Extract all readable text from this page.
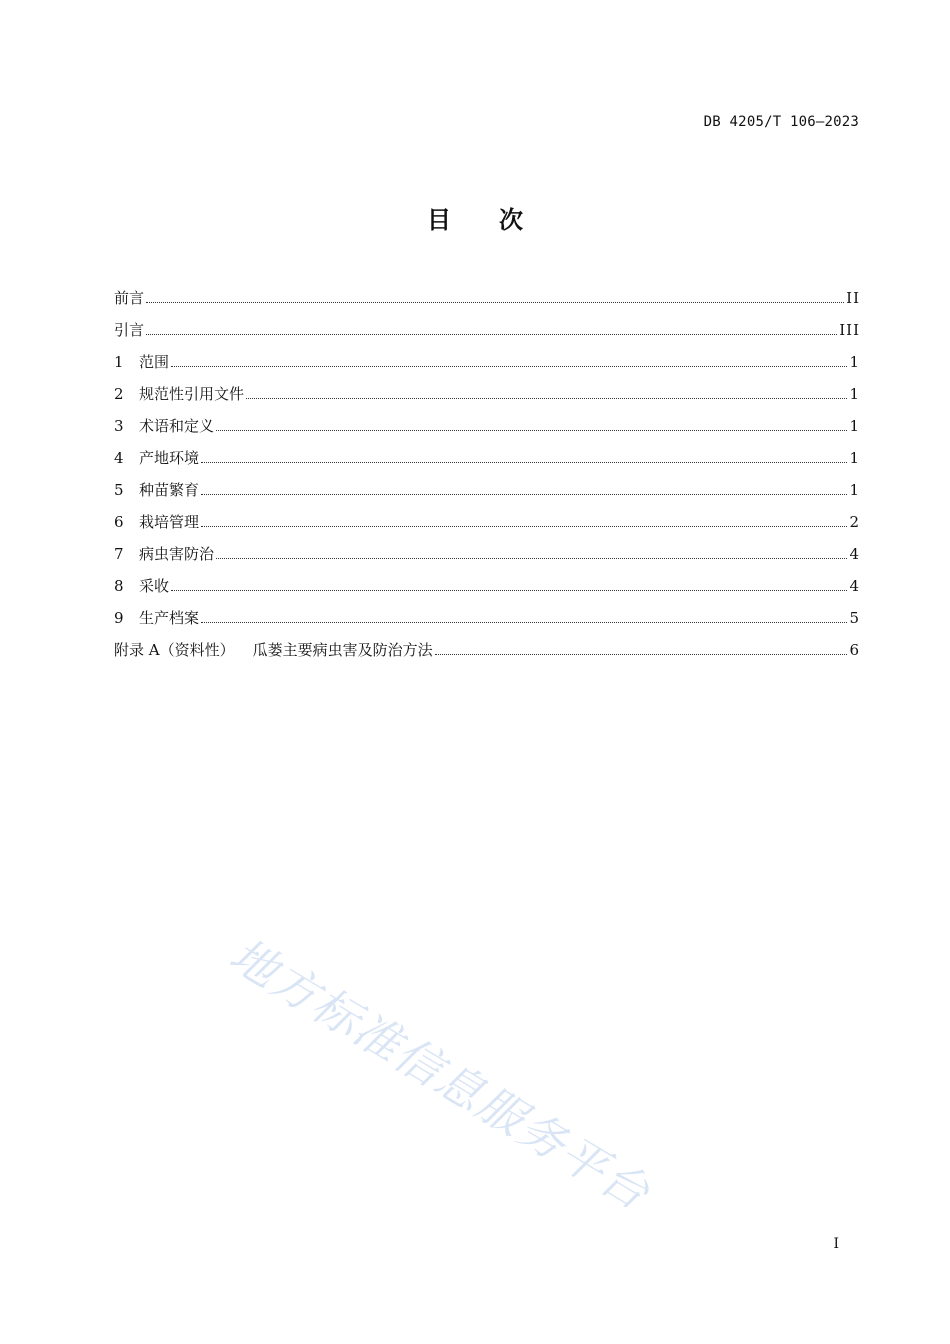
DB 4205/T 106—2023
目 次
前言	II
引言	III
1	范围	1
2	规范性引用文件	1
3	术语和定义	1
4	产地环境	1
5	种苗繁育	1
6	栽培管理	2
7	病虫害防治	4
8	采收	4
9	生产档案	5
附录 A（资料性） 瓜蒌主要病虫害及防治方法	6
地方标准信息服务平台
I
